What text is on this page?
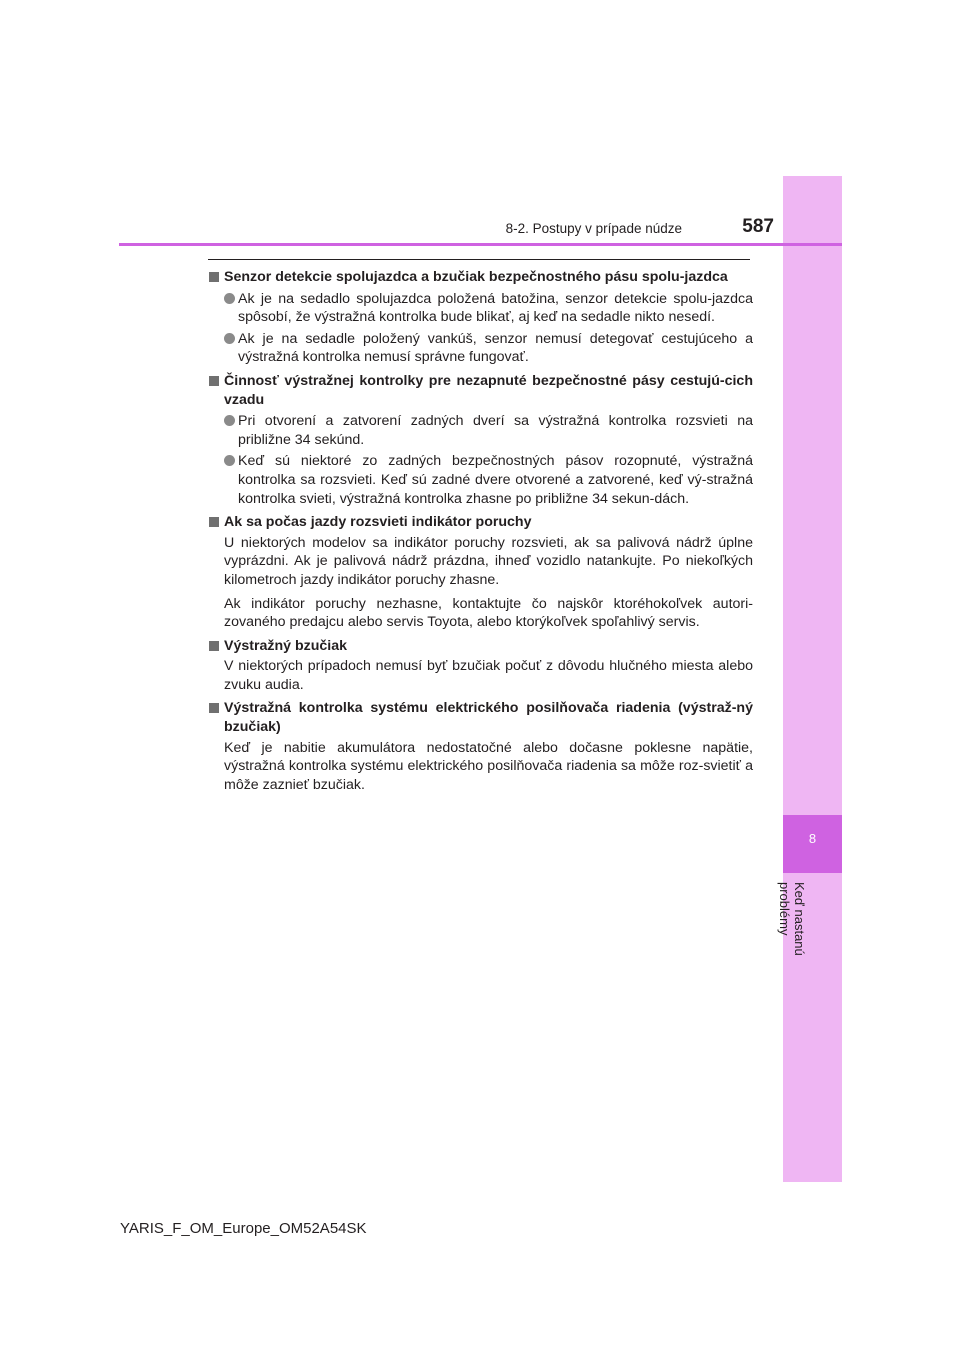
8
Keď nastanú problémy
8-2. Postupy v prípade núdze	587
Senzor detekcie spolujazdca a bzučiak bezpečnostného pásu spolu-jazdca
Ak je na sedadlo spolujazdca položená batožina, senzor detekcie spolu-jazdca spôsobí, že výstražná kontrolka bude blikať, aj keď na sedadle nikto nesedí.
Ak je na sedadle položený vankúš, senzor nemusí detegovať cestujúceho a výstražná kontrolka nemusí správne fungovať.
Činnosť výstražnej kontrolky pre nezapnuté bezpečnostné pásy cestujú-cich vzadu
Pri otvorení a zatvorení zadných dverí sa výstražná kontrolka rozsvieti na približne 34 sekúnd.
Keď sú niektoré zo zadných bezpečnostných pásov rozopnuté, výstražná kontrolka sa rozsvieti. Keď sú zadné dvere otvorené a zatvorené, keď vý-stražná kontrolka svieti, výstražná kontrolka zhasne po približne 34 sekun-dách.
Ak sa počas jazdy rozsvieti indikátor poruchy
U niektorých modelov sa indikátor poruchy rozsvieti, ak sa palivová nádrž úplne vyprázdni. Ak je palivová nádrž prázdna, ihneď vozidlo natankujte. Po niekoľkých kilometroch jazdy indikátor poruchy zhasne.
Ak indikátor poruchy nezhasne, kontaktujte čo najskôr ktoréhokoľvek autori-zovaného predajcu alebo servis Toyota, alebo ktorýkoľvek spoľahlivý servis.
Výstražný bzučiak
V niektorých prípadoch nemusí byť bzučiak počuť z dôvodu hlučného miesta alebo zvuku audia.
Výstražná kontrolka systému elektrického posilňovača riadenia (výstraž-ný bzučiak)
Keď je nabitie akumulátora nedostatočné alebo dočasne poklesne napätie, výstražná kontrolka systému elektrického posilňovača riadenia sa môže roz-svietiť a môže zaznieť bzučiak.
YARIS_F_OM_Europe_OM52A54SK
